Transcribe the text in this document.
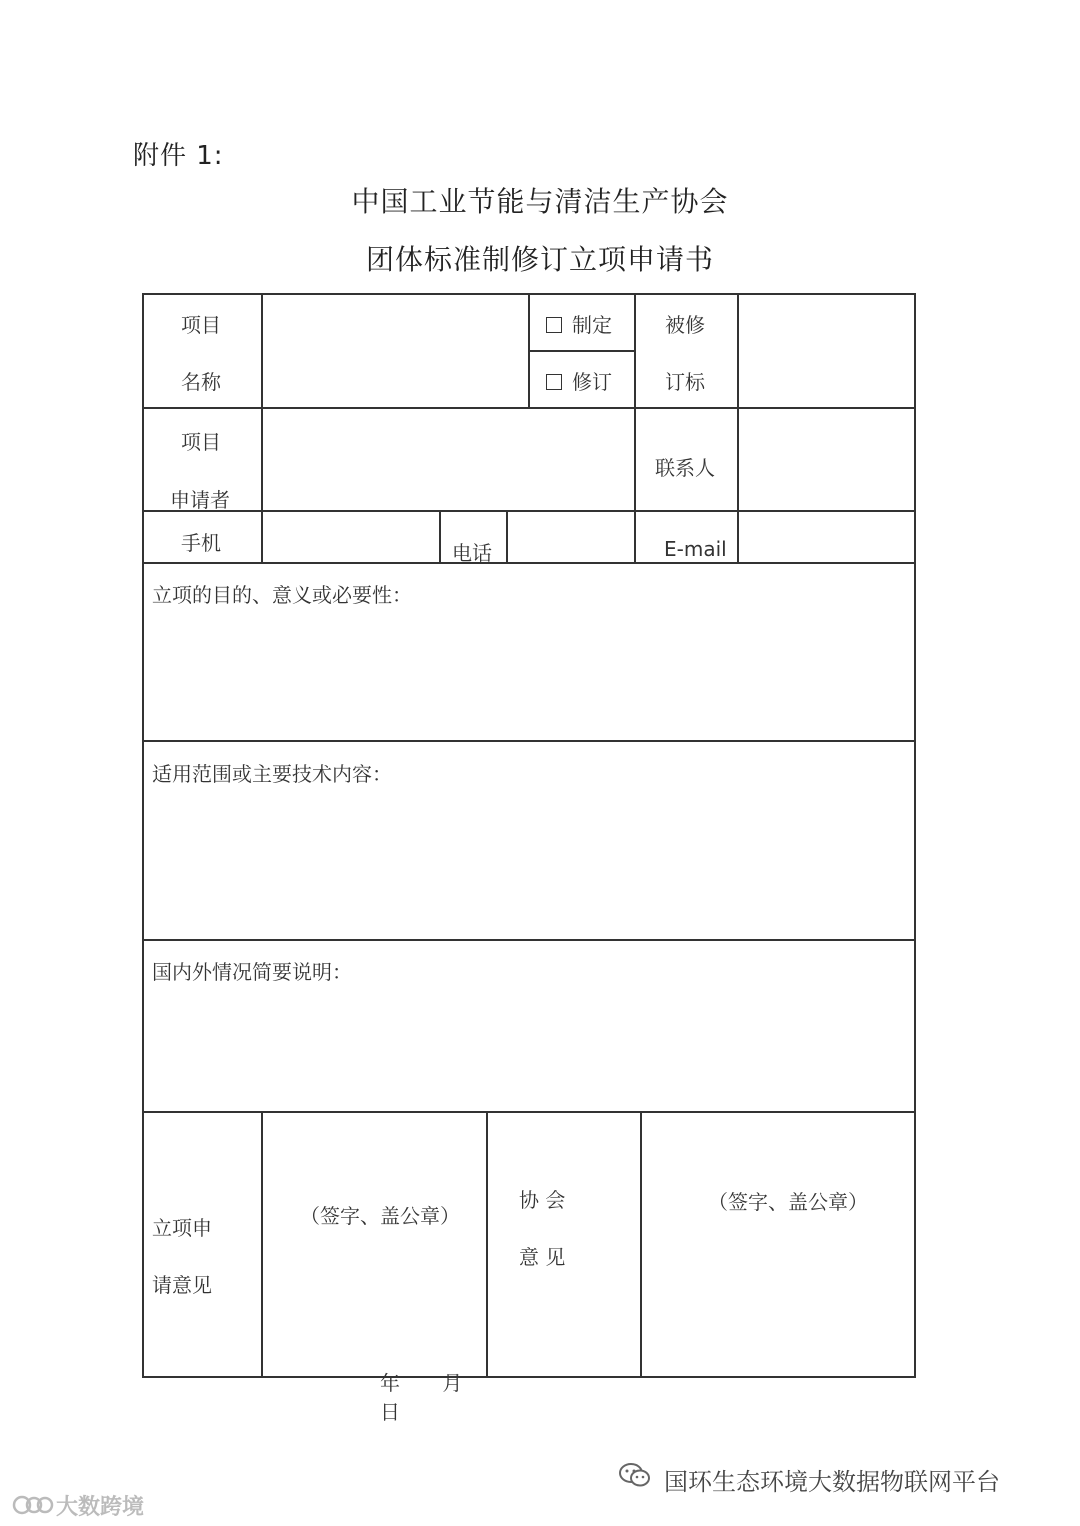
附件 1:
中国工业节能与清洁生产协会
团体标准制修订立项申请书
项目
名称
制定
修订
被修
订标
项目
申请者
联系人
手机	电话	E-mail
立项的目的、意义或必要性：
适用范围或主要技术内容：
国内外情况简要说明：
立项申
请意见
（签字、盖公章）
协 会
意 见
（签字、盖公章）
年 月 日
国环生态环境大数据物联网平台
大数跨境
